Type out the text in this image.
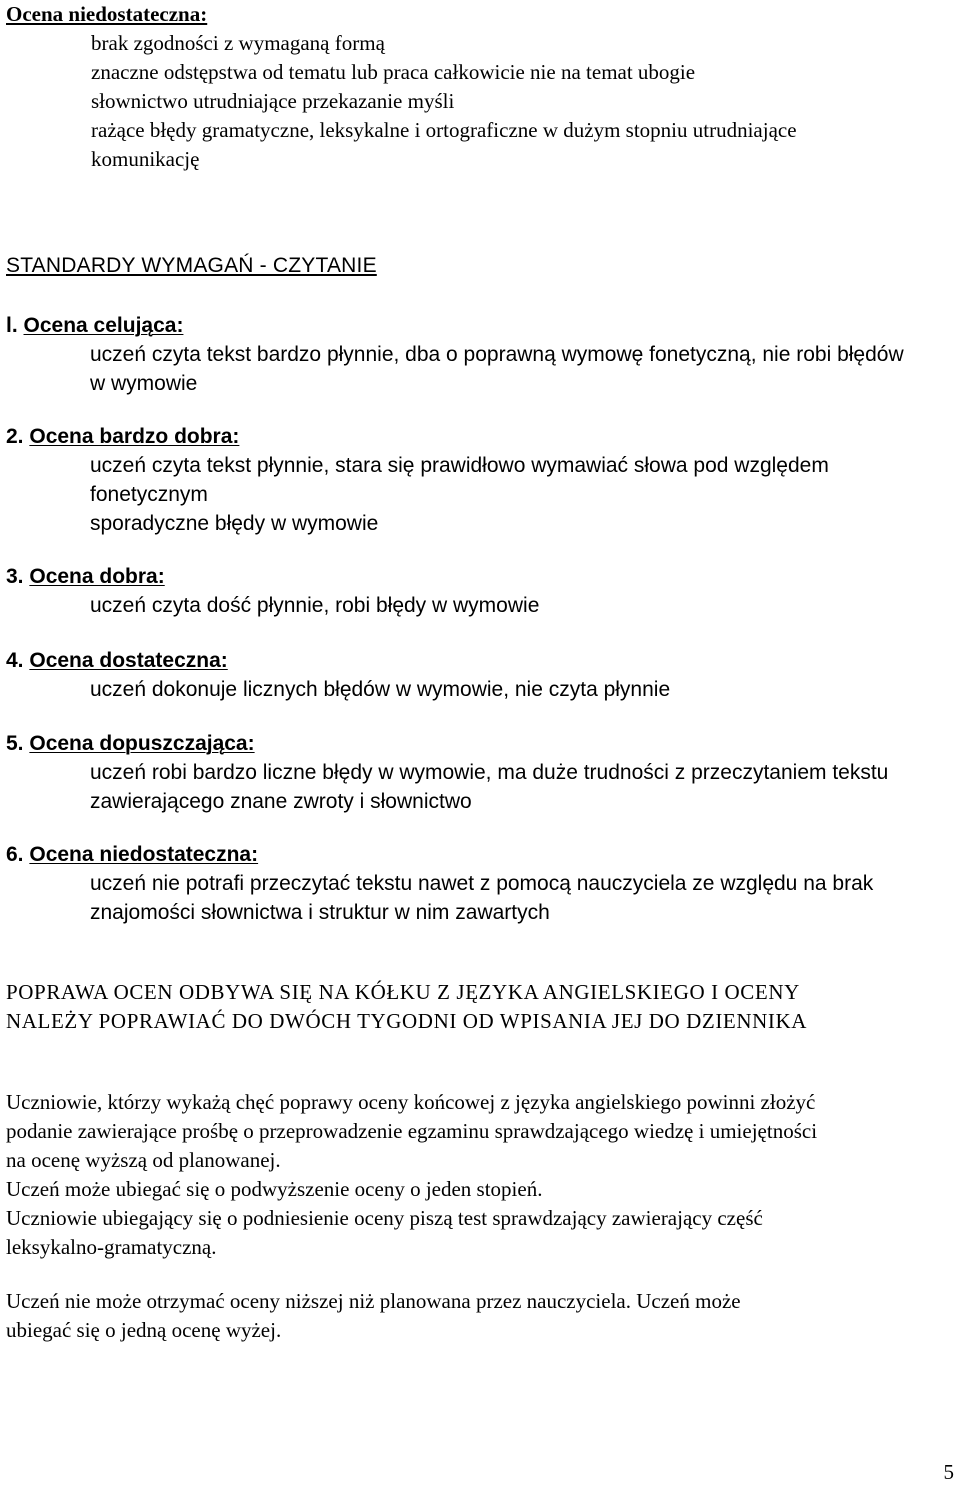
Ocena niedostateczna:
brak zgodności z wymaganą formą
znaczne odstępstwa od tematu lub praca całkowicie nie na temat ubogie
słownictwo utrudniające przekazanie myśli
rażące błędy gramatyczne, leksykalne i ortograficzne w dużym stopniu utrudniające
komunikację
STANDARDY WYMAGAŃ - CZYTANIE
l. Ocena celująca:
uczeń czyta tekst bardzo płynnie, dba o poprawną wymowę fonetyczną, nie robi błędów
w wymowie
2. Ocena bardzo dobra:
uczeń czyta tekst płynnie, stara się prawidłowo wymawiać słowa pod względem
fonetycznym
sporadyczne błędy w wymowie
3. Ocena dobra:
uczeń czyta dość płynnie, robi błędy w wymowie
4. Ocena dostateczna:
uczeń dokonuje licznych błędów w wymowie, nie czyta płynnie
5. Ocena dopuszczająca:
uczeń robi bardzo liczne błędy w wymowie, ma duże trudności z przeczytaniem tekstu
zawierającego znane zwroty i słownictwo
6. Ocena niedostateczna:
uczeń nie potrafi przeczytać tekstu nawet z pomocą nauczyciela ze względu na brak
znajomości słownictwa i struktur w nim zawartych
POPRAWA OCEN ODBYWA SIĘ NA KÓŁKU Z JĘZYKA ANGIELSKIEGO I OCENY
NALEŻY POPRAWIAĆ DO DWÓCH TYGODNI OD WPISANIA JEJ DO DZIENNIKA
Uczniowie, którzy wykażą chęć poprawy oceny końcowej z języka angielskiego powinni złożyć
podanie zawierające prośbę o przeprowadzenie egzaminu sprawdzającego wiedzę i umiejętności
na ocenę wyższą od planowanej.
Uczeń może ubiegać się o podwyższenie oceny o jeden stopień.
Uczniowie ubiegający się o podniesienie oceny piszą test sprawdzający zawierający część
leksykalno-gramatyczną.
Uczeń nie może otrzymać oceny niższej niż planowana przez nauczyciela. Uczeń może
ubiegać się o jedną ocenę wyżej.
5
